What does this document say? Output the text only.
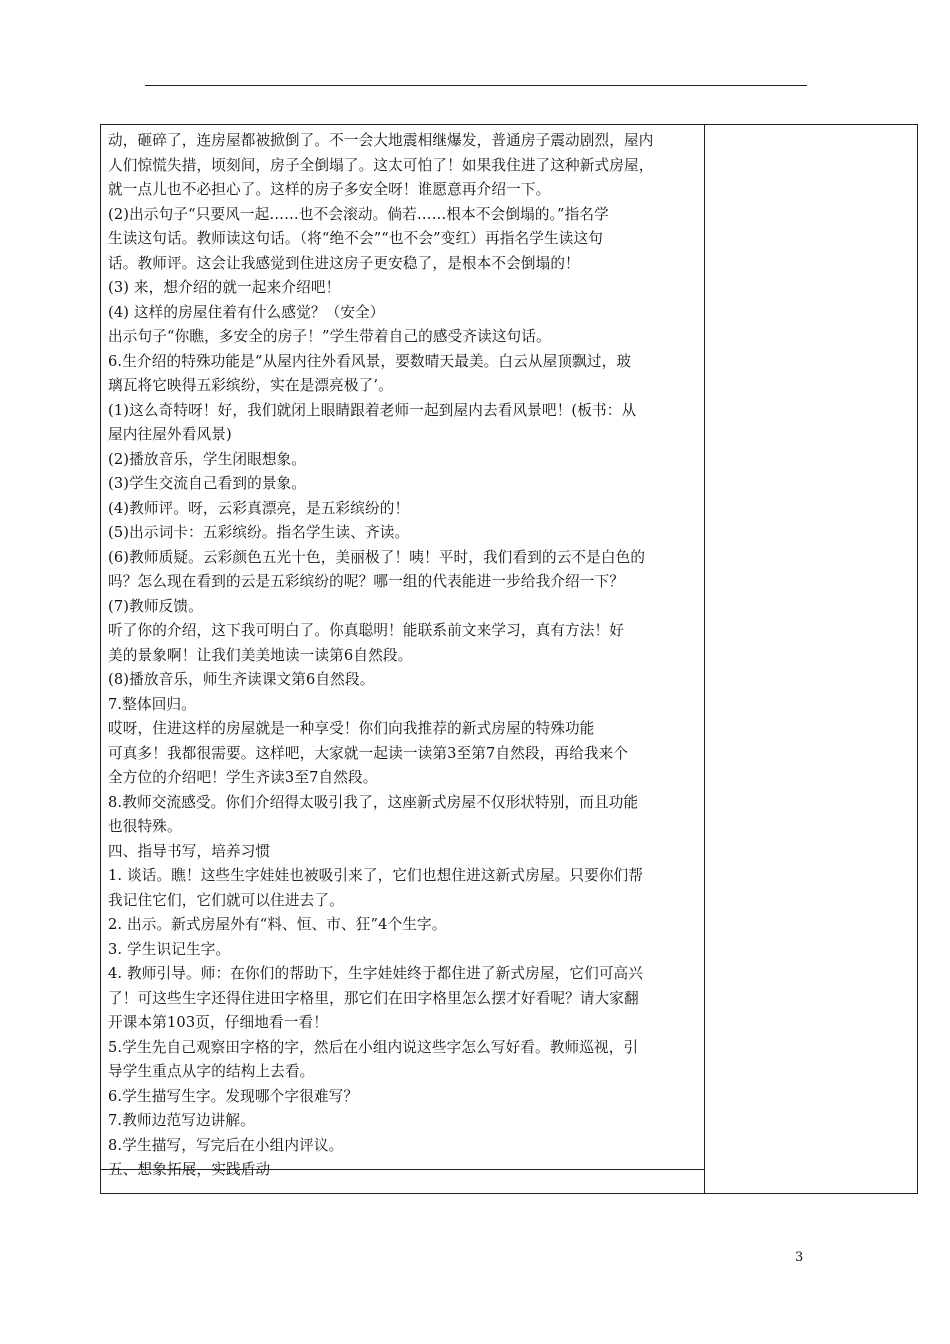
动，砸碎了，连房屋都被掀倒了。不一会大地震相继爆发，普通房子震动剧烈，屋内
人们惊慌失措，顷刻间，房子全倒塌了。这太可怕了！如果我住进了这种新式房屋，
就一点儿也不必担心了。这样的房子多安全呀！谁愿意再介绍一下。
(2)出示句子“只要风一起……也不会滚动。倘若……根本不会倒塌的。”指名学
生读这句话。教师读这句话。（将“绝不会”“也不会”变红）再指名学生读这句
话。教师评。这会让我感觉到住进这房子更安稳了，是根本不会倒塌的！
(3) 来，想介绍的就一起来介绍吧！
(4) 这样的房屋住着有什么感觉？（安全）
出示句子“你瞧，多安全的房子！”学生带着自己的感受齐读这句话。
6.生介绍的特殊功能是“从屋内往外看风景，要数晴天最美。白云从屋顶飘过，玻
璃瓦将它映得五彩缤纷，实在是漂亮极了’。
(1)这么奇特呀！好，我们就闭上眼睛跟着老师一起到屋内去看风景吧！(板书：从
屋内往屋外看风景)
(2)播放音乐，学生闭眼想象。
(3)学生交流自己看到的景象。
(4)教师评。呀，云彩真漂亮，是五彩缤纷的！
(5)出示词卡：五彩缤纷。指名学生读、齐读。
(6)教师质疑。云彩颜色五光十色，美丽极了！咦！平时，我们看到的云不是白色的
吗？怎么现在看到的云是五彩缤纷的呢？哪一组的代表能进一步给我介绍一下？
(7)教师反馈。
听了你的介绍，这下我可明白了。你真聪明！能联系前文来学习，真有方法！好
美的景象啊！让我们美美地读一读第6自然段。
(8)播放音乐，师生齐读课文第6自然段。
7.整体回归。
哎呀，住进这样的房屋就是一种享受！你们向我推荐的新式房屋的特殊功能
可真多！我都很需要。这样吧，大家就一起读一读第3至第7自然段，再给我来个
全方位的介绍吧！学生齐读3至7自然段。
8.教师交流感受。你们介绍得太吸引我了，这座新式房屋不仅形状特别，而且功能
也很特殊。
四、指导书写，培养习惯
1. 谈话。瞧！这些生字娃娃也被吸引来了，它们也想住进这新式房屋。只要你们帮
我记住它们，它们就可以住进去了。
2. 出示。新式房屋外有“料、恒、市、狂”4个生字。
3. 学生识记生字。
4. 教师引导。师：在你们的帮助下，生字娃娃终于都住进了新式房屋，它们可高兴
了！可这些生字还得住进田字格里，那它们在田字格里怎么摆才好看呢？请大家翻
开课本第103页，仔细地看一看！
5.学生先自己观察田字格的字，然后在小组内说这些字怎么写好看。教师巡视，引
导学生重点从字的结构上去看。
6.学生描写生字。发现哪个字很难写？
7.教师边范写边讲解。
8.学生描写，写完后在小组内评议。
五、想象拓展，实践盾动
3
